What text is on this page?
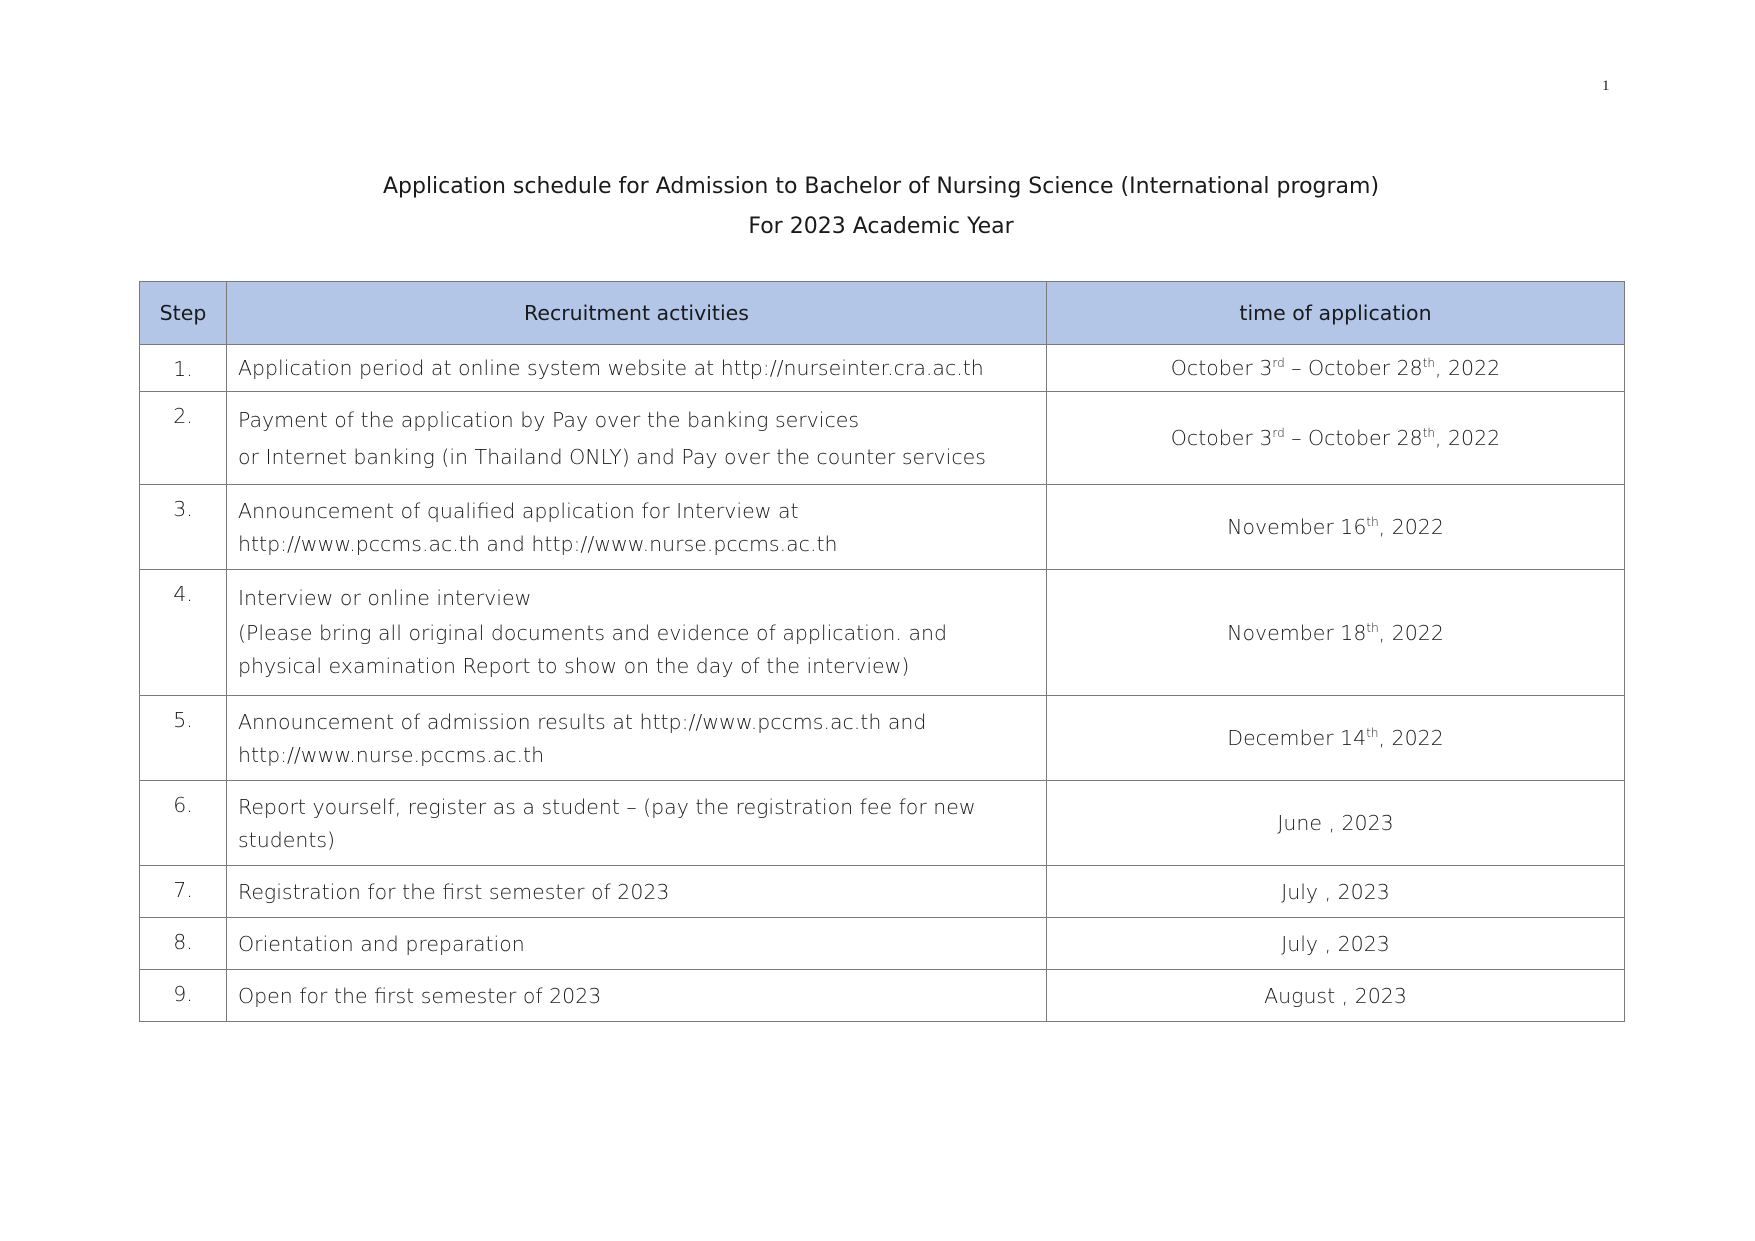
1
Application schedule for Admission to Bachelor of Nursing Science (International program)
For 2023 Academic Year
Step	Recruitment activities	time of application
1.	Application period at online system website at http://nurseinter.cra.ac.th	October 3rd – October 28th, 2022
2.	Payment of the application by Pay over the banking services
or Internet banking (in Thailand ONLY) and Pay over the counter services	October 3rd – October 28th, 2022
3.	Announcement of qualified application for Interview at
http://www.pccms.ac.th and http://www.nurse.pccms.ac.th	November 16th, 2022
4.	Interview or online interview
(Please bring all original documents and evidence of application. and
physical examination Report to show on the day of the interview)	November 18th, 2022
5.	Announcement of admission results at http://www.pccms.ac.th and
http://www.nurse.pccms.ac.th	December 14th, 2022
6.	Report yourself, register as a student – (pay the registration fee for new
students)	June , 2023
7.	Registration for the first semester of 2023	July , 2023
8.	Orientation and preparation	July , 2023
9.	Open for the first semester of 2023	August , 2023
